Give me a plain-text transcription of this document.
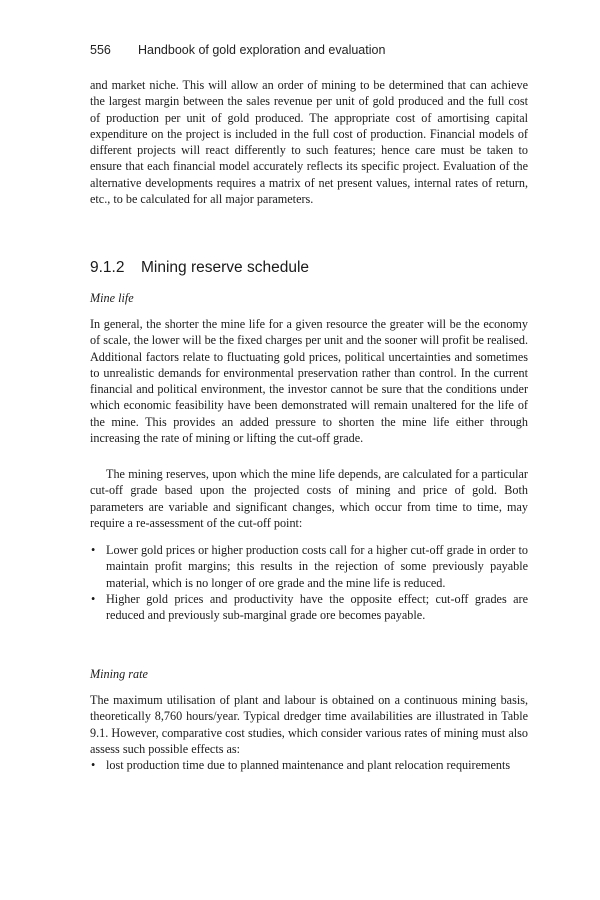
556 Handbook of gold exploration and evaluation

and market niche. This will allow an order of mining to be determined that can achieve the largest margin between the sales revenue per unit of gold produced and the full cost of production per unit of gold produced. The appropriate cost of amortising capital expenditure on the project is included in the full cost of production. Financial models of different projects will react differently to such features; hence care must be taken to ensure that each financial model accurately reflects its specific project. Evaluation of the alternative developments requires a matrix of net present values, internal rates of return, etc., to be calculated for all major parameters.

9.1.2 Mining reserve schedule
Mine life

In general, the shorter the mine life for a given resource the greater will be the economy of scale, the lower will be the fixed charges per unit and the sooner will profit be realised. Additional factors relate to fluctuating gold prices, political uncertainties and sometimes to unrealistic demands for environmental preservation rather than control. In the current financial and political environment, the investor cannot be sure that the conditions under which economic feasibility have been demonstrated will remain unaltered for the life of the mine. This provides an added pressure to shorten the mine life either through increasing the rate of mining or lifting the cut-off grade.

The mining reserves, upon which the mine life depends, are calculated for a particular cut-off grade based upon the projected costs of mining and price of gold. Both parameters are variable and significant changes, which occur from time to time, may require a re-assessment of the cut-off point:

• Lower gold prices or higher production costs call for a higher cut-off grade in order to maintain profit margins; this results in the rejection of some previously payable material, which is no longer of ore grade and the mine life is reduced.
• Higher gold prices and productivity have the opposite effect; cut-off grades are reduced and previously sub-marginal grade ore becomes payable.
Mining rate

The maximum utilisation of plant and labour is obtained on a continuous mining basis, theoretically 8,760 hours/year. Typical dredger time availabilities are illustrated in Table 9.1. However, comparative cost studies, which consider various rates of mining must also assess such possible effects as:

• lost production time due to planned maintenance and plant relocation requirements
